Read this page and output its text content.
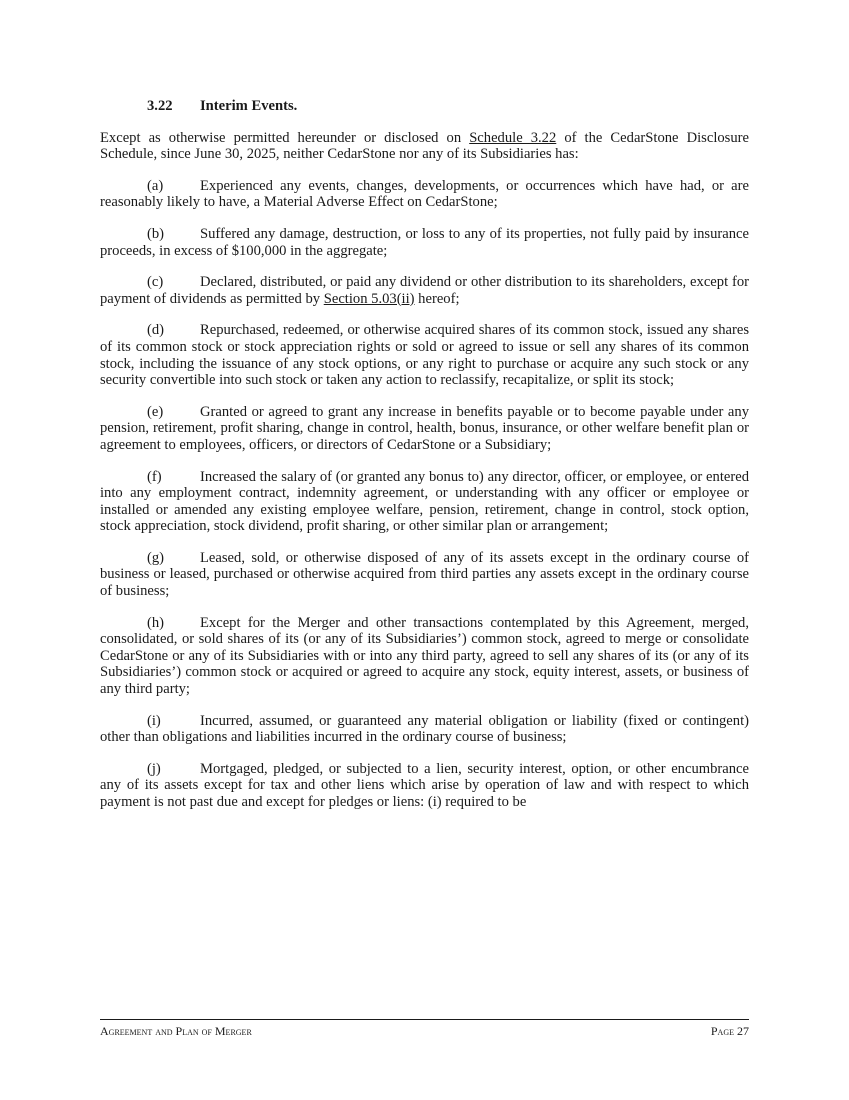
3.22 Interim Events.

Except as otherwise permitted hereunder or disclosed on Schedule 3.22 of the CedarStone Disclosure Schedule, since June 30, 2025, neither CedarStone nor any of its Subsidiaries has:

(a)	Experienced any events, changes, developments, or occurrences which have had, or are reasonably likely to have, a Material Adverse Effect on CedarStone;

(b) Suffered any damage, destruction, or loss to any of its properties, not fully paid by insurance proceeds, in excess of $100,000 in the aggregate;

(c)	Declared, distributed, or paid any dividend or other distribution to its shareholders, except for payment of dividends as permitted by Section 5.03(ii) hereof;

(d) Repurchased, redeemed, or otherwise acquired shares of its common stock, issued any shares of its common stock or stock appreciation rights or sold or agreed to issue or sell any shares of its common stock, including the issuance of any stock options, or any right to purchase or acquire any such stock or any security convertible into such stock or taken any action to reclassify, recapitalize, or split its stock;

(e)	Granted or agreed to grant any increase in benefits payable or to become payable under any pension, retirement, profit sharing, change in control, health, bonus, insurance, or other welfare benefit plan or agreement to employees, officers, or directors of CedarStone or a Subsidiary;

(f)	Increased the salary of (or granted any bonus to) any director, officer, or employee, or entered into any employment contract, indemnity agreement, or understanding with any officer or employee or installed or amended any existing employee welfare, pension, retirement, change in control, stock option, stock appreciation, stock dividend, profit sharing, or other similar plan or arrangement;

(g) Leased, sold, or otherwise disposed of any of its assets except in the ordinary course of business or leased, purchased or otherwise acquired from third parties any assets except in the ordinary course of business;

(h) Except for the Merger and other transactions contemplated by this Agreement, merged, consolidated, or sold shares of its (or any of its Subsidiaries’) common stock, agreed to merge or consolidate CedarStone or any of its Subsidiaries with or into any third party, agreed to sell any shares of its (or any of its Subsidiaries’) common stock or acquired or agreed to acquire any stock, equity interest, assets, or business of any third party;

(i)	Incurred, assumed, or guaranteed any material obligation or liability (fixed or contingent) other than obligations and liabilities incurred in the ordinary course of business;

(j)	Mortgaged, pledged, or subjected to a lien, security interest, option, or other encumbrance any of its assets except for tax and other liens which arise by operation of law and with respect to which payment is not past due and except for pledges or liens: (i) required to be

Agreement and Plan of Merger	Page 27
